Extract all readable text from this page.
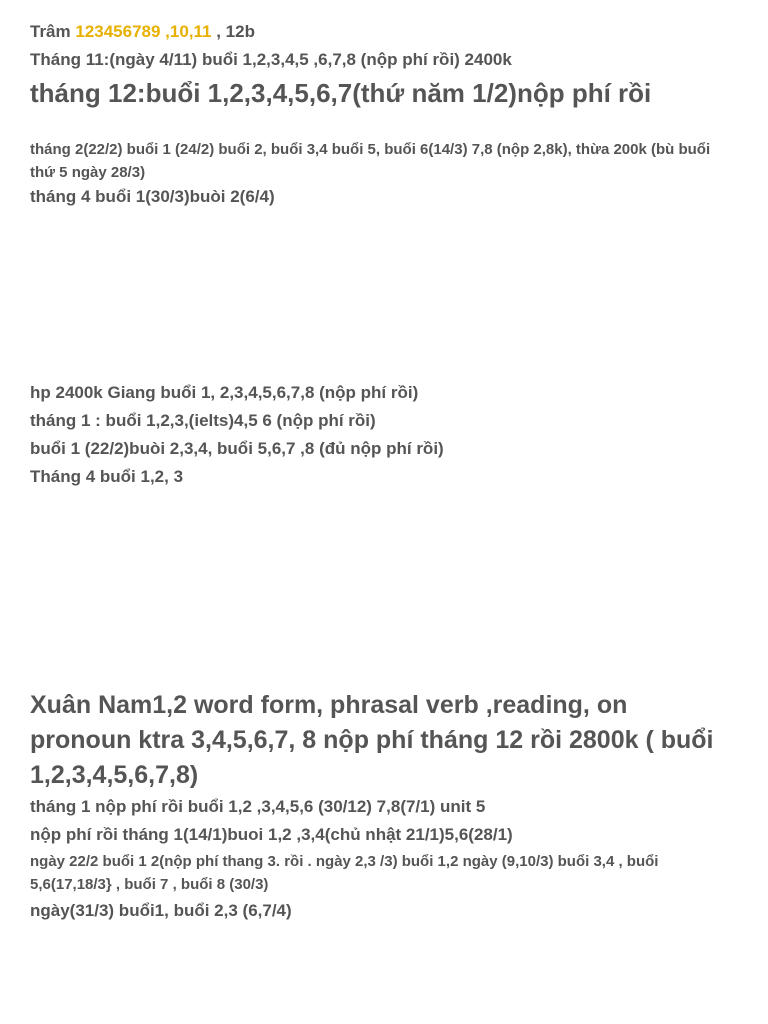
Trâm 123456789 ,10,11 , 12b
Tháng 11:(ngày 4/11) buổi 1,2,3,4,5 ,6,7,8 (nộp phí rồi) 2400k
tháng 12:buổi 1,2,3,4,5,6,7(thứ năm 1/2)nộp phí rồi
tháng 2(22/2) buổi 1 (24/2) buổi 2, buổi 3,4 buổi 5, buổi 6(14/3) 7,8 (nộp 2,8k), thừa 200k (bù buổi thứ 5 ngày 28/3)
tháng 4 buổi 1(30/3)buòi 2(6/4)
hp 2400k Giang buổi 1, 2,3,4,5,6,7,8 (nộp phí rồi)
tháng 1 : buổi 1,2,3,(ielts)4,5 6 (nộp phí rồi)
buổi 1 (22/2)buòi 2,3,4, buổi 5,6,7 ,8 (đủ nộp phí rồi)
Tháng 4 buổi 1,2, 3
Xuân Nam1,2 word form, phrasal verb ,reading, on pronoun ktra 3,4,5,6,7, 8 nộp phí tháng 12 rồi 2800k ( buổi 1,2,3,4,5,6,7,8)
tháng 1 nộp phí rồi buổi 1,2 ,3,4,5,6 (30/12) 7,8(7/1) unit 5
nộp phí rồi tháng 1(14/1)buoi 1,2 ,3,4(chủ nhật 21/1)5,6(28/1)
ngày 22/2 buổi 1 2(nộp phí thang 3. rồi . ngày 2,3 /3) buổi 1,2 ngày (9,10/3) buổi 3,4 , buổi 5,6(17,18/3} , buổi 7 , buổi 8 (30/3)
ngày(31/3) buổi1, buổi 2,3 (6,7/4)
